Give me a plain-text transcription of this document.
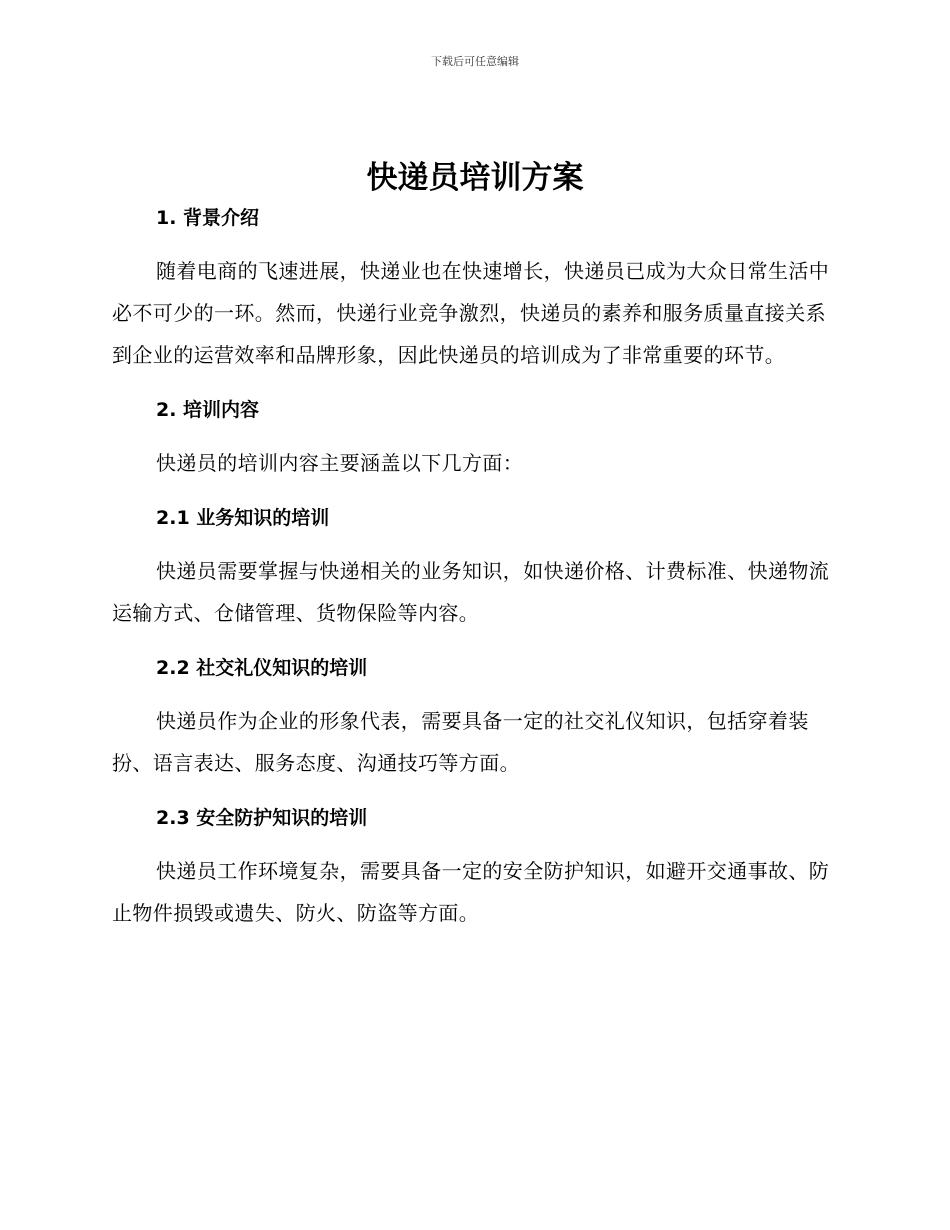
下载后可任意编辑
快递员培训方案
1. 背景介绍

随着电商的飞速进展，快递业也在快速增长，快递员已成为大众日常生活中必不可少的一环。然而，快递行业竞争激烈，快递员的素养和服务质量直接关系到企业的运营效率和品牌形象，因此快递员的培训成为了非常重要的环节。

2. 培训内容

快递员的培训内容主要涵盖以下几方面：

2.1 业务知识的培训

快递员需要掌握与快递相关的业务知识，如快递价格、计费标准、快递物流运输方式、仓储管理、货物保险等内容。

2.2 社交礼仪知识的培训

快递员作为企业的形象代表，需要具备一定的社交礼仪知识，包括穿着装扮、语言表达、服务态度、沟通技巧等方面。

2.3 安全防护知识的培训

快递员工作环境复杂，需要具备一定的安全防护知识，如避开交通事故、防止物件损毁或遗失、防火、防盗等方面。
